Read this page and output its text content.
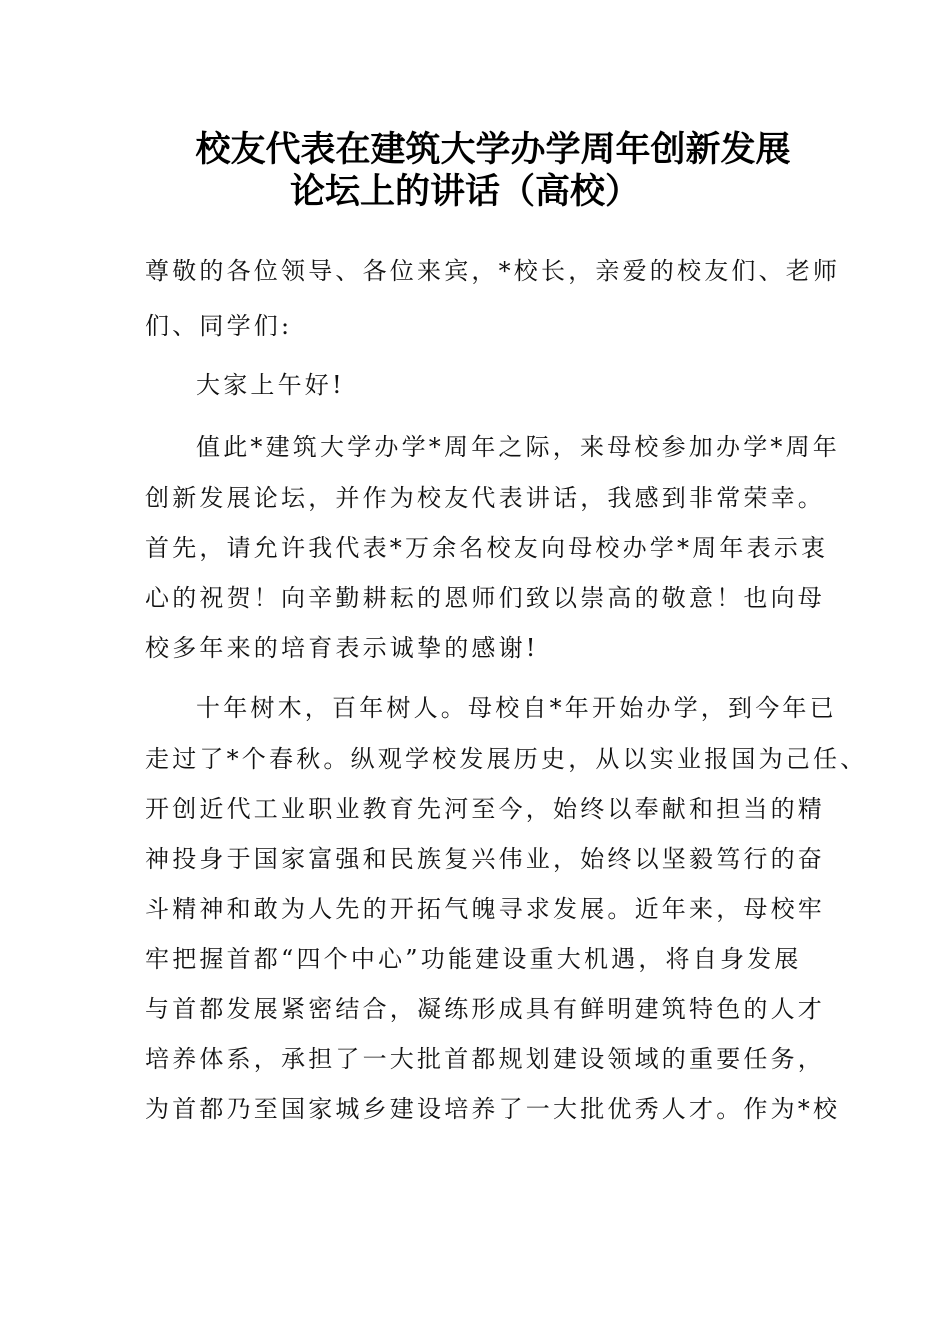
校友代表在建筑大学办学周年创新发展
论坛上的讲话（高校）
尊敬的各位领导、各位来宾，*校长，亲爱的校友们、老师
们、同学们:
大家上午好!
值此*建筑大学办学*周年之际，来母校参加办学*周年
创新发展论坛，并作为校友代表讲话，我感到非常荣幸。
首先，请允许我代表*万余名校友向母校办学*周年表示衷
心的祝贺！向辛勤耕耘的恩师们致以崇高的敬意！也向母
校多年来的培育表示诚挚的感谢!
十年树木，百年树人。母校自*年开始办学，到今年已
走过了*个春秋。纵观学校发展历史，从以实业报国为己任、
开创近代工业职业教育先河至今，始终以奉献和担当的精
神投身于国家富强和民族复兴伟业，始终以坚毅笃行的奋
斗精神和敢为人先的开拓气魄寻求发展。近年来，母校牢
牢把握首都“四个中心”功能建设重大机遇，将自身发展
与首都发展紧密结合，凝练形成具有鲜明建筑特色的人才
培养体系，承担了一大批首都规划建设领域的重要任务，
为首都乃至国家城乡建设培养了一大批优秀人才。作为*校
